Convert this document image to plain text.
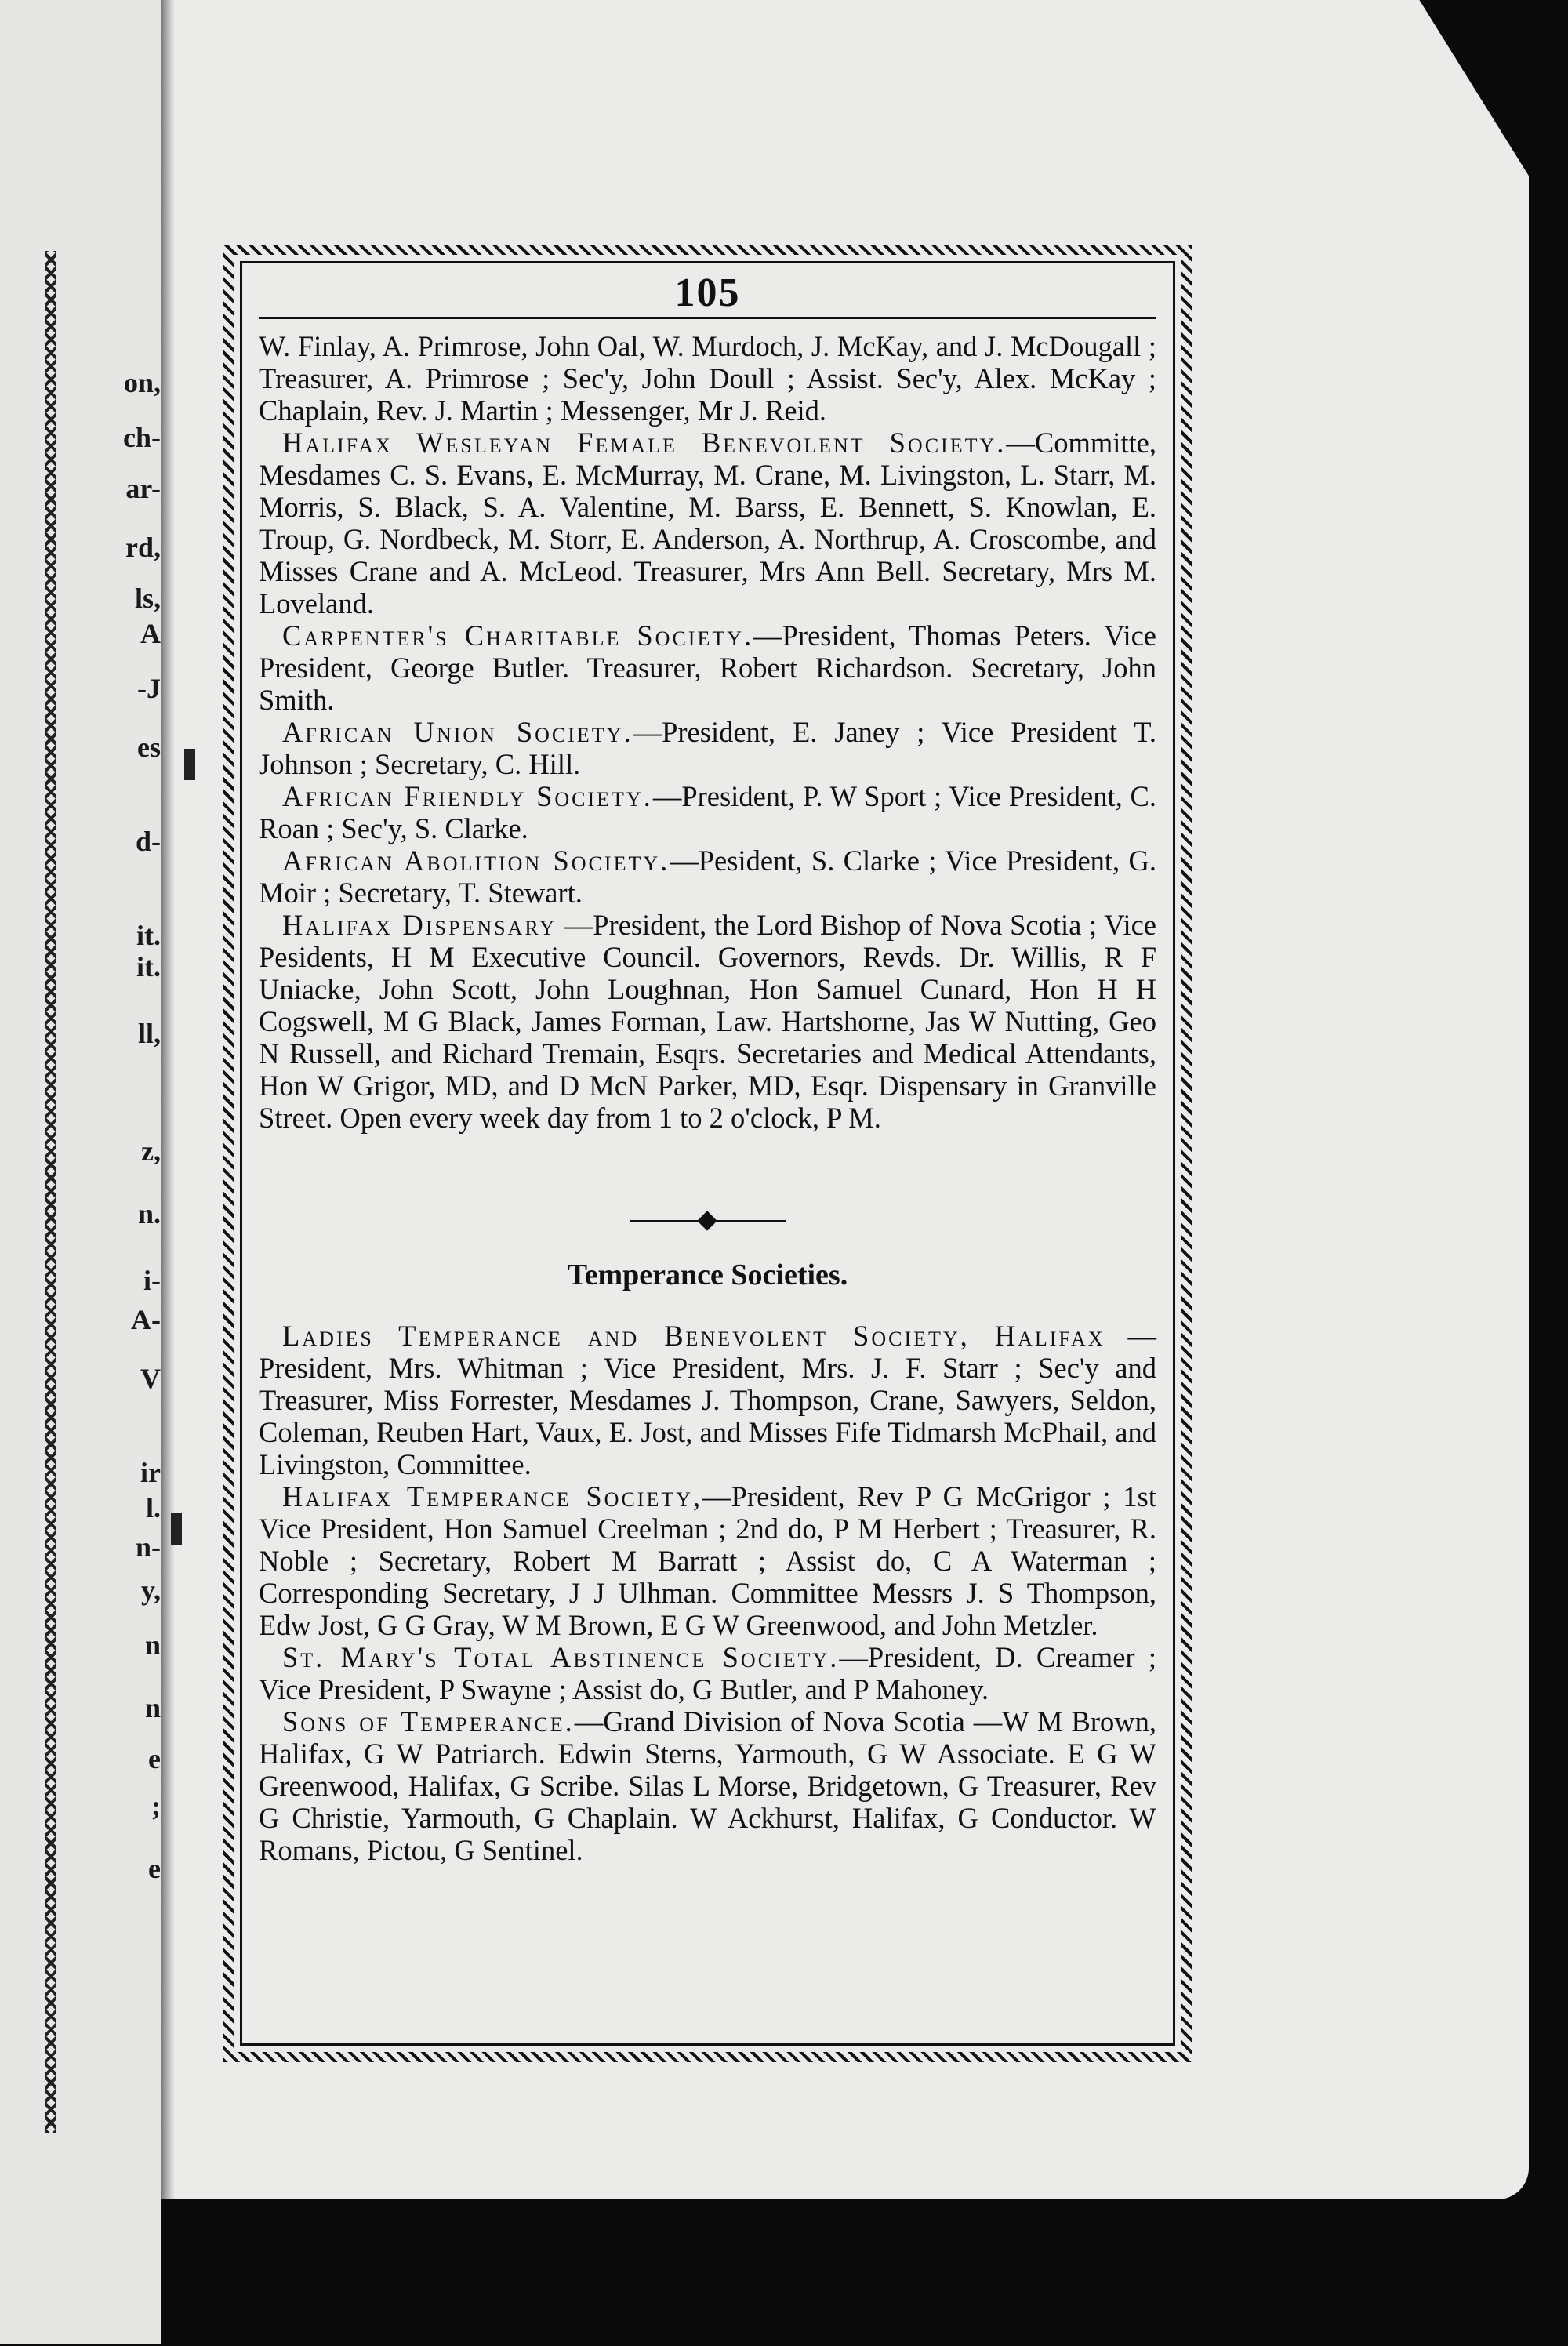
on,
ch-
ar-
rd,
ls,
A
-J
es
d-
it.
it.
ll,
z,
n.
i-
A-
V
ir
l.
n-
y,
n
n
e
;
e
105

W. Finlay, A. Primrose, John Oal, W. Murdoch, J. McKay, and J. McDougall ; Treasurer, A. Primrose ; Sec'y, John Doull ; Assist. Sec'y, Alex. McKay ; Chaplain, Rev. J. Martin ; Messenger, Mr J. Reid.

Halifax Wesleyan Female Benevolent Society.—Committe, Mesdames C. S. Evans, E. McMurray, M. Crane, M. Livingston, L. Starr, M. Morris, S. Black, S. A. Valentine, M. Barss, E. Bennett, S. Knowlan, E. Troup, G. Nordbeck, M. Storr, E. Anderson, A. Northrup, A. Croscombe, and Misses Crane and A. McLeod. Treasurer, Mrs Ann Bell. Secretary, Mrs M. Loveland.

Carpenter's Charitable Society.—President, Thomas Peters. Vice President, George Butler. Treasurer, Robert Richardson. Secretary, John Smith.

African Union Society.—President, E. Janey ; Vice President T. Johnson ; Secretary, C. Hill.

African Friendly Society.—President, P. W Sport ; Vice President, C. Roan ; Sec'y, S. Clarke.

African Abolition Society.—Pesident, S. Clarke ; Vice President, G. Moir ; Secretary, T. Stewart.

Halifax Dispensary —President, the Lord Bishop of Nova Scotia ; Vice Pesidents, H M Executive Council. Governors, Revds. Dr. Willis, R F Uniacke, John Scott, John Loughnan, Hon Samuel Cunard, Hon H H Cogswell, M G Black, James Forman, Law. Hartshorne, Jas W Nutting, Geo N Russell, and Richard Tremain, Esqrs. Secretaries and Medical Attendants, Hon W Grigor, MD, and D McN Parker, MD, Esqr. Dispensary in Granville Street. Open every week day from 1 to 2 o'clock, P M.

Temperance Societies.

Ladies Temperance and Benevolent Society, Halifax —President, Mrs. Whitman ; Vice President, Mrs. J. F. Starr ; Sec'y and Treasurer, Miss Forrester, Mesdames J. Thompson, Crane, Sawyers, Seldon, Coleman, Reuben Hart, Vaux, E. Jost, and Misses Fife Tidmarsh McPhail, and Livingston, Committee.

Halifax Temperance Society,—President, Rev P G McGrigor ; 1st Vice President, Hon Samuel Creelman ; 2nd do, P M Herbert ; Treasurer, R. Noble ; Secretary, Robert M Barratt ; Assist do, C A Waterman ; Corresponding Secretary, J J Ulhman. Committee Messrs J. S Thompson, Edw Jost, G G Gray, W M Brown, E G W Greenwood, and John Metzler.

St. Mary's Total Abstinence Society.—President, D. Creamer ; Vice President, P Swayne ; Assist do, G Butler, and P Mahoney.

Sons of Temperance.—Grand Division of Nova Scotia —W M Brown, Halifax, G W Patriarch. Edwin Sterns, Yarmouth, G W Associate. E G W Greenwood, Halifax, G Scribe. Silas L Morse, Bridgetown, G Treasurer, Rev G Christie, Yarmouth, G Chaplain. W Ackhurst, Halifax, G Conductor. W Romans, Pictou, G Sentinel.
